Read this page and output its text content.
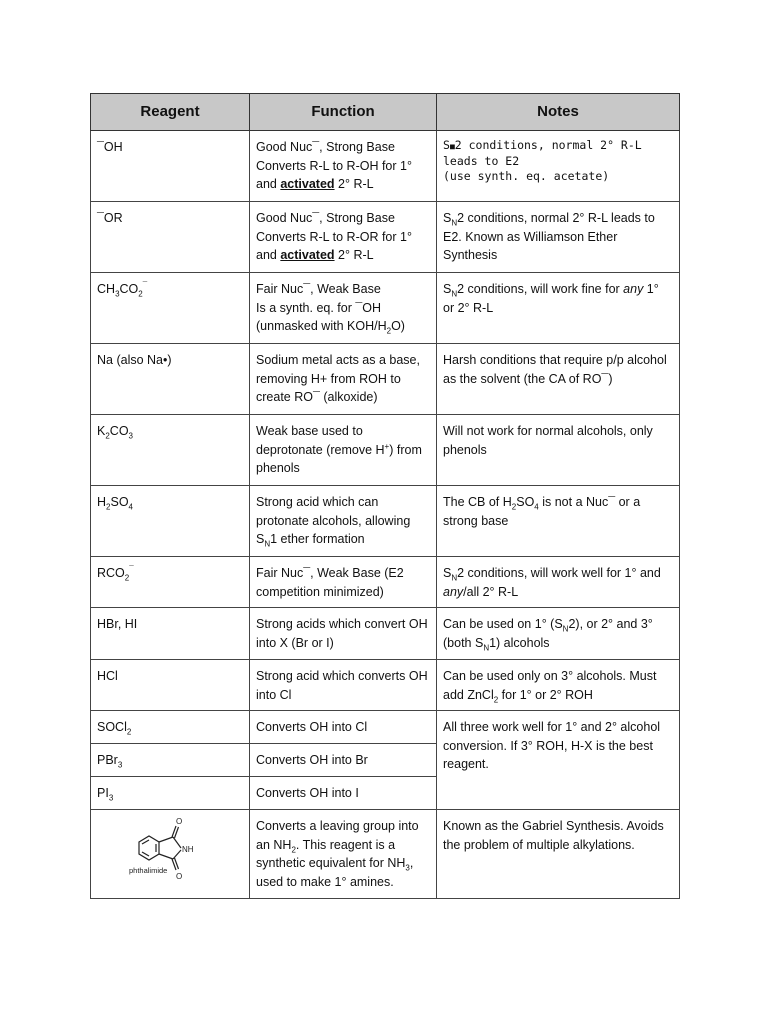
Reagent	Function	Notes
¯OH	Good Nuc¯, Strong Base
Converts R-L to R-OH for 1°
and activated 2° R-L	S■2 conditions, normal 2° R-L leads to E2
(use synth. eq. acetate)

¯OR	Good Nuc¯, Strong Base
Converts R-L to R-OR for 1°
and activated 2° R-L	$S_N2$ conditions, normal 2° R-L leads to
E2. Known as Williamson Ether
Synthesis

$CH_3CO_2^¯$	Fair Nuc¯, Weak Base
Is a synth. eq. for ¯OH
(unmasked with KOH/$H_2O$)	$S_N2$ conditions, will work fine for any 1°
or 2° R-L

Na (also Na•)	Sodium metal acts as a base,
removing H+ from ROH to
create RO¯ (alkoxide)	Harsh conditions that require p/p alcohol
as the solvent (the CA of RO¯)

$K_2CO_3$	Weak base used to
deprotonate (remove H+) from
phenols	Will not work for normal alcohols, only
phenols

$H_2SO_4$	Strong acid which can
protonate alcohols, allowing
$S_N1$ ether formation	The CB of $H_2SO_4$ is not a Nuc¯ or a
strong base

$RCO_2^¯$	Fair Nuc¯, Weak Base (E2
competition minimized)	$S_N2$ conditions, will work well for 1° and
any/all 2° R-L

HBr, HI	Strong acids which convert OH
into X (Br or I)	Can be used on 1° $(S_N2)$, or 2° and 3°
(both $S_N1$) alcohols

HCl	Strong acid which converts OH
into Cl	Can be used only on 3° alcohols. Must
add ZnCl$_2$ for 1° or 2° ROH

SOCl$_2$	Converts OH into Cl	All three work well for 1° and 2° alcohol
conversion. If 3° ROH, H-X is the best
reagent.

PBr$_3$	Converts OH into Br	
$PI_3$	Converts OH into I	

O
NH
O
phthalimide	Converts a leaving group into
an $NH_2$. This reagent is a
synthetic equivalent for $NH_3$,
used to make 1° amines.	Known as the Gabriel Synthesis. Avoids
the problem of multiple alkylations.
